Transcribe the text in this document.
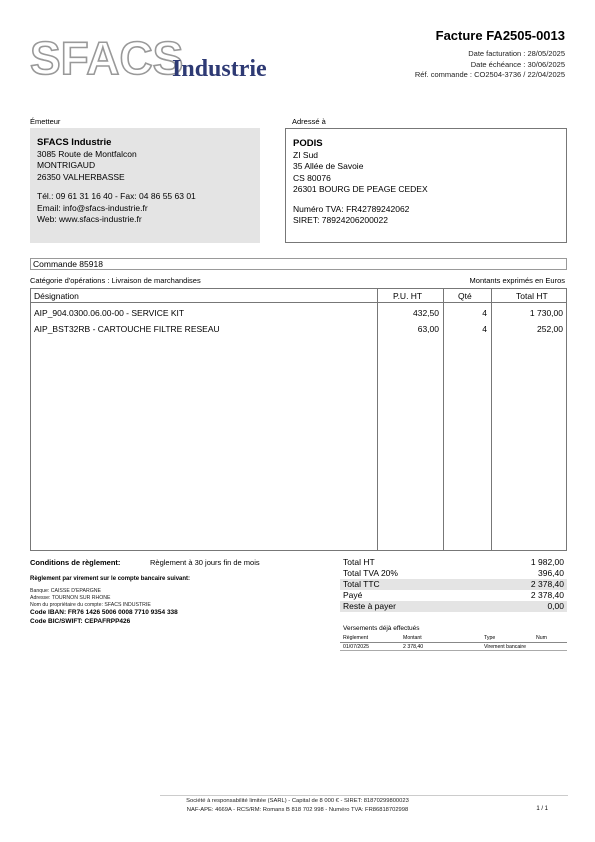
SFACS
Industrie
Facture FA2505-0013
Date facturation : 28/05/2025
Date échéance : 30/06/2025
Réf. commande : CO2504-3736 / 22/04/2025
Émetteur	Adressé à
SFACS Industrie
3085 Route de Montfalcon
MONTRIGAUD
26350 VALHERBASSE
Tél.: 09 61 31 16 40 - Fax: 04 86 55 63 01
Email: info@sfacs-industrie.fr
Web: www.sfacs-industrie.fr
PODIS
ZI Sud
35 Allée de Savoie
CS 80076
26301 BOURG DE PEAGE CEDEX
Numéro TVA: FR42789242062
SIRET: 78924206200022
Commande 85918
Catégorie d'opérations : Livraison de marchandises	Montants exprimés en Euros
Désignation	P.U. HT	Qté	Total HT
AIP_904.0300.06.00-00 - SERVICE KIT	432,50	4	1 730,00
AIP_BST32RB - CARTOUCHE FILTRE RESEAU	63,00	4	252,00
Conditions de règlement:	Règlement à 30 jours fin de mois
Règlement par virement sur le compte bancaire suivant:
Banque: CAISSE D'EPARGNE
Adresse: TOURNON SUR RHONE
Nom du propriétaire du compte: SFACS INDUSTRIE
Code IBAN: FR76 1426 5006 0008 7710 9354 338
Code BIC/SWIFT: CEPAFRPP426
Total HT	1 982,00
Total TVA 20%	396,40
Total TTC	2 378,40
Payé	2 378,40
Reste à payer	0,00
Versements déjà effectués
Règlement	Montant	Type	Num
01/07/2025	2 378,40	Virement bancaire
Société à responsabilité limitée (SARL) - Capital de 8 000 € - SIRET: 81870299800023
NAF-APE: 4669A - RCS/RM: Romans B 818 702 998 - Numéro TVA: FR86818702998	1 / 1
